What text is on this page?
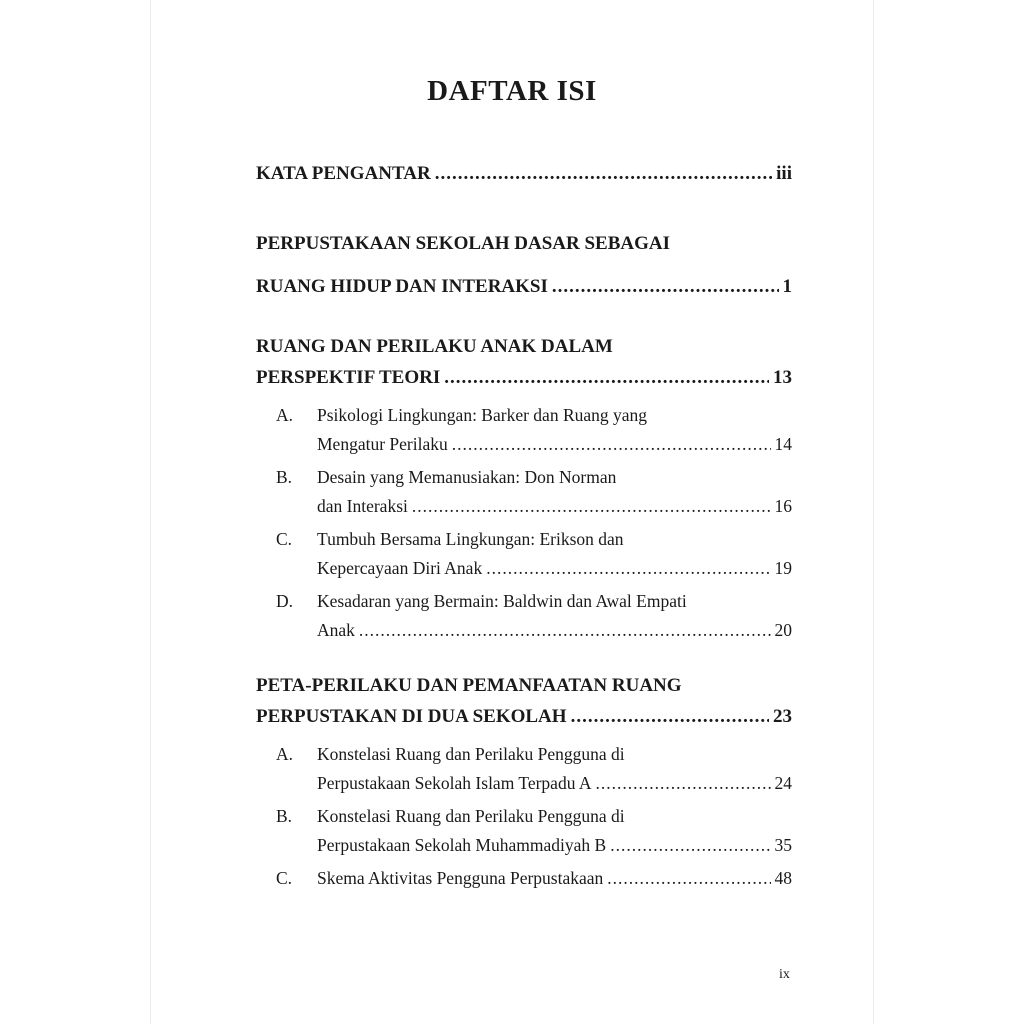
DAFTAR ISI
KATA PENGANTAR .....	iii
PERPUSTAKAAN SEKOLAH DASAR SEBAGAI
RUANG HIDUP DAN INTERAKSI .....	1
RUANG DAN PERILAKU ANAK DALAM
PERSPEKTIF TEORI .....	13
A. Psikologi Lingkungan: Barker dan Ruang yang
Mengatur Perilaku .....	14
B. Desain yang Memanusiakan: Don Norman
dan Interaksi .....	16
C. Tumbuh Bersama Lingkungan: Erikson dan
Kepercayaan Diri Anak .....	19
D. Kesadaran yang Bermain: Baldwin dan Awal Empati
Anak .....	20
PETA-PERILAKU DAN PEMANFAATAN RUANG
PERPUSTAKAN DI DUA SEKOLAH .....	23
A. Konstelasi Ruang dan Perilaku Pengguna di
Perpustakaan Sekolah Islam Terpadu A .....	24
B. Konstelasi Ruang dan Perilaku Pengguna di
Perpustakaan Sekolah Muhammadiyah B .....	35
C. Skema Aktivitas Pengguna Perpustakaan .....	48
ix
